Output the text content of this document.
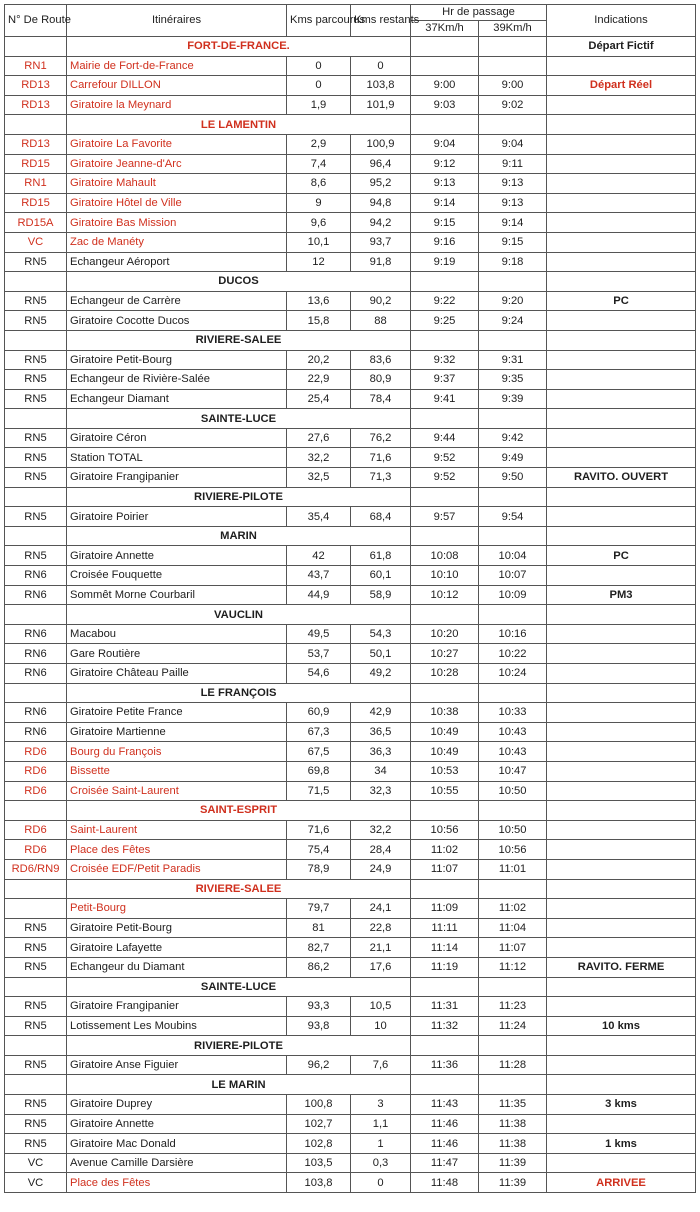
N° De Route	Itinéraires	Kms parcourus	Kms restants	Hr de passage		Indications
				37Km/h	39Km/h	
	FORT-DE-FRANCE.					Départ Fictif
RN1	Mairie de Fort-de-France	0	0			
RD13	Carrefour DILLON	0	103,8	9:00	9:00	Départ Réel
RD13	Giratoire la Meynard	1,9	101,9	9:03	9:02	
	LE LAMENTIN					
RD13	Giratoire La Favorite	2,9	100,9	9:04	9:04	
RD15	Giratoire Jeanne-d'Arc	7,4	96,4	9:12	9:11	
RN1	Giratoire Mahault	8,6	95,2	9:13	9:13	
RD15	Giratoire Hôtel de Ville	9	94,8	9:14	9:13	
RD15A	Giratoire Bas Mission	9,6	94,2	9:15	9:14	
VC	Zac de Manéty	10,1	93,7	9:16	9:15	
RN5	Echangeur Aéroport	12	91,8	9:19	9:18	
	DUCOS					
RN5	Echangeur de Carrère	13,6	90,2	9:22	9:20	PC
RN5	Giratoire Cocotte Ducos	15,8	88	9:25	9:24	
	RIVIERE-SALEE					
RN5	Giratoire Petit-Bourg	20,2	83,6	9:32	9:31	
RN5	Echangeur de Rivière-Salée	22,9	80,9	9:37	9:35	
RN5	Echangeur Diamant	25,4	78,4	9:41	9:39	
	SAINTE-LUCE					
RN5	Giratoire Céron	27,6	76,2	9:44	9:42	
RN5	Station TOTAL	32,2	71,6	9:52	9:49	
RN5	Giratoire Frangipanier	32,5	71,3	9:52	9:50	RAVITO. OUVERT
	RIVIERE-PILOTE					
RN5	Giratoire Poirier	35,4	68,4	9:57	9:54	
	MARIN					
RN5	Giratoire Annette	42	61,8	10:08	10:04	PC
RN6	Croisée Fouquette	43,7	60,1	10:10	10:07	
RN6	Sommêt Morne Courbaril	44,9	58,9	10:12	10:09	PM3
	VAUCLIN					
RN6	Macabou	49,5	54,3	10:20	10:16	
RN6	Gare Routière	53,7	50,1	10:27	10:22	
RN6	Giratoire Château Paille	54,6	49,2	10:28	10:24	
	LE FRANÇOIS					
RN6	Giratoire Petite France	60,9	42,9	10:38	10:33	
RN6	Giratoire Martienne	67,3	36,5	10:49	10:43	
RD6	Bourg du François	67,5	36,3	10:49	10:43	
RD6	Bissette	69,8	34	10:53	10:47	
RD6	Croisée Saint-Laurent	71,5	32,3	10:55	10:50	
	SAINT-ESPRIT					
RD6	Saint-Laurent	71,6	32,2	10:56	10:50	
RD6	Place des Fêtes	75,4	28,4	11:02	10:56	
RD6/RN9	Croisée EDF/Petit Paradis	78,9	24,9	11:07	11:01	
	RIVIERE-SALEE					
	Petit-Bourg	79,7	24,1	11:09	11:02	
RN5	Giratoire Petit-Bourg	81	22,8	11:11	11:04	
RN5	Giratoire Lafayette	82,7	21,1	11:14	11:07	
RN5	Echangeur du Diamant	86,2	17,6	11:19	11:12	RAVITO. FERME
	SAINTE-LUCE					
RN5	Giratoire Frangipanier	93,3	10,5	11:31	11:23	
RN5	Lotissement Les Moubins	93,8	10	11:32	11:24	10 kms
	RIVIERE-PILOTE					
RN5	Giratoire Anse Figuier	96,2	7,6	11:36	11:28	
	LE MARIN					
RN5	Giratoire Duprey	100,8	3	11:43	11:35	3 kms
RN5	Giratoire Annette	102,7	1,1	11:46	11:38	
RN5	Giratoire Mac Donald	102,8	1	11:46	11:38	1 kms
VC	Avenue Camille Darsière	103,5	0,3	11:47	11:39	
VC	Place des Fêtes	103,8	0	11:48	11:39	ARRIVEE
